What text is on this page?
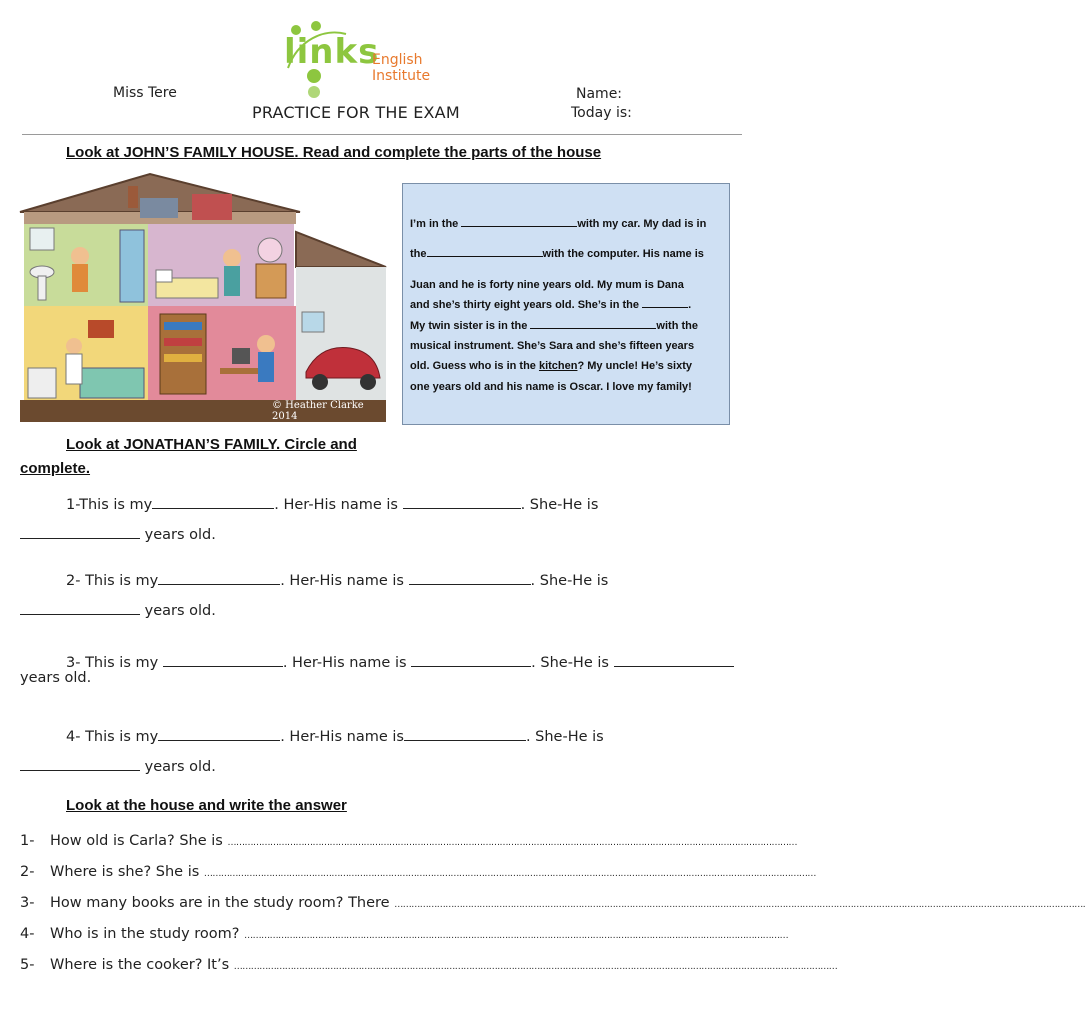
links
English Institute
Miss Tere
PRACTICE FOR THE EXAM
Name:
Today is:
Look at JOHN’S FAMILY HOUSE. Read and complete the parts of the house
© Heather Clarke 2014

I’m in the	with my car. My dad is in

the	with the computer. His name is

Juan and he is forty nine years old. My mum is Dana

and she’s thirty eight years old. She’s in the	.

My twin sister is in the	with the

musical instrument. She’s Sara and she’s fifteen years

old. Guess who is in the kitchen? My uncle! He’s sixty

one years old and his name is Oscar. I love my family!

Look at JONATHAN’S FAMILY. Circle and
complete.
1-This is my	. Her-His name is	. She-He is
years old.
2- This is my	. Her-His name is	. She-He is
years old.
3- This is my	. Her-His name is	. She-He is
years old.
4- This is my	. Her-His name is	. She-He is
years old.
Look at the house and write the answer
1- How old is Carla? She is …………………………………………………………………………………………………………………………………………………………………………………
2- Where is she? She is ………………………………………………………………………………………………………………………………………………………………………………………………
3- How many books are in the study room? There ……………………………………………………………………………………………………………………………………………………………………………………………………………………….
4- Who is in the study room? …………………………………………………………………………………………………………………………………………………………………………
5- Where is the cooker? It’s ……………………………………………………………………………………………………………………………………………………………………………………………
